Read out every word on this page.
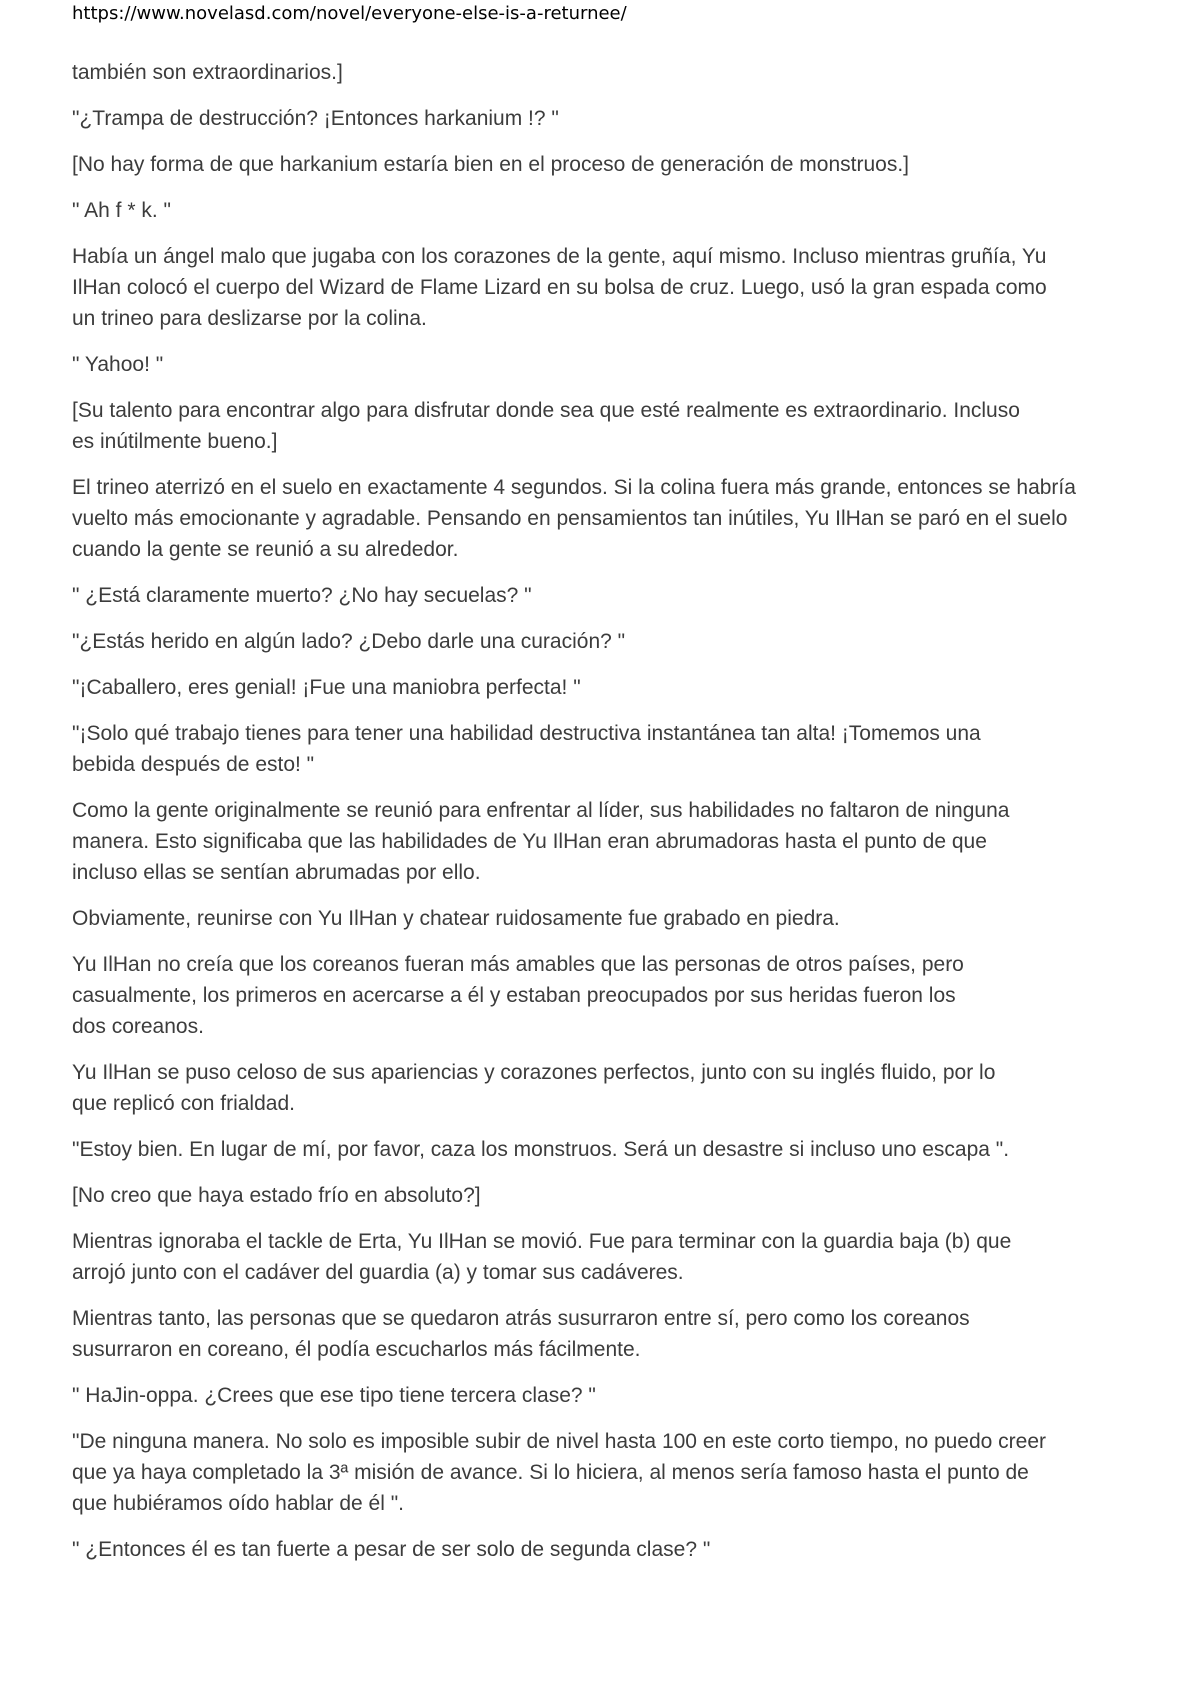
https://www.novelasd.com/novel/everyone-else-is-a-returnee/

también son extraordinarios.]

"¿Trampa de destrucción? ¡Entonces harkanium !? "

[No hay forma de que harkanium estaría bien en el proceso de generación de monstruos.]

" Ah f * k. "

Había un ángel malo que jugaba con los corazones de la gente, aquí mismo. Incluso mientras gruñía, Yu
IlHan colocó el cuerpo del Wizard de Flame Lizard en su bolsa de cruz. Luego, usó la gran espada como
un trineo para deslizarse por la colina.

" Yahoo! "

[Su talento para encontrar algo para disfrutar donde sea que esté realmente es extraordinario. Incluso
es inútilmente bueno.]

El trineo aterrizó en el suelo en exactamente 4 segundos. Si la colina fuera más grande, entonces se habría
vuelto más emocionante y agradable. Pensando en pensamientos tan inútiles, Yu IlHan se paró en el suelo
cuando la gente se reunió a su alrededor.

" ¿Está claramente muerto? ¿No hay secuelas? "

"¿Estás herido en algún lado? ¿Debo darle una curación? "

"¡Caballero, eres genial! ¡Fue una maniobra perfecta! "

"¡Solo qué trabajo tienes para tener una habilidad destructiva instantánea tan alta! ¡Tomemos una
bebida después de esto! "

Como la gente originalmente se reunió para enfrentar al líder, sus habilidades no faltaron de ninguna
manera. Esto significaba que las habilidades de Yu IlHan eran abrumadoras hasta el punto de que
incluso ellas se sentían abrumadas por ello.

Obviamente, reunirse con Yu IlHan y chatear ruidosamente fue grabado en piedra.

Yu IlHan no creía que los coreanos fueran más amables que las personas de otros países, pero
casualmente, los primeros en acercarse a él y estaban preocupados por sus heridas fueron los
dos coreanos.

Yu IlHan se puso celoso de sus apariencias y corazones perfectos, junto con su inglés fluido, por lo
que replicó con frialdad.

"Estoy bien. En lugar de mí, por favor, caza los monstruos. Será un desastre si incluso uno escapa ".

[No creo que haya estado frío en absoluto?]

Mientras ignoraba el tackle de Erta, Yu IlHan se movió. Fue para terminar con la guardia baja (b) que
arrojó junto con el cadáver del guardia (a) y tomar sus cadáveres.

Mientras tanto, las personas que se quedaron atrás susurraron entre sí, pero como los coreanos
susurraron en coreano, él podía escucharlos más fácilmente.

" HaJin-oppa. ¿Crees que ese tipo tiene tercera clase? "

"De ninguna manera. No solo es imposible subir de nivel hasta 100 en este corto tiempo, no puedo creer
que ya haya completado la 3ª misión de avance. Si lo hiciera, al menos sería famoso hasta el punto de
que hubiéramos oído hablar de él ".

" ¿Entonces él es tan fuerte a pesar de ser solo de segunda clase? "
